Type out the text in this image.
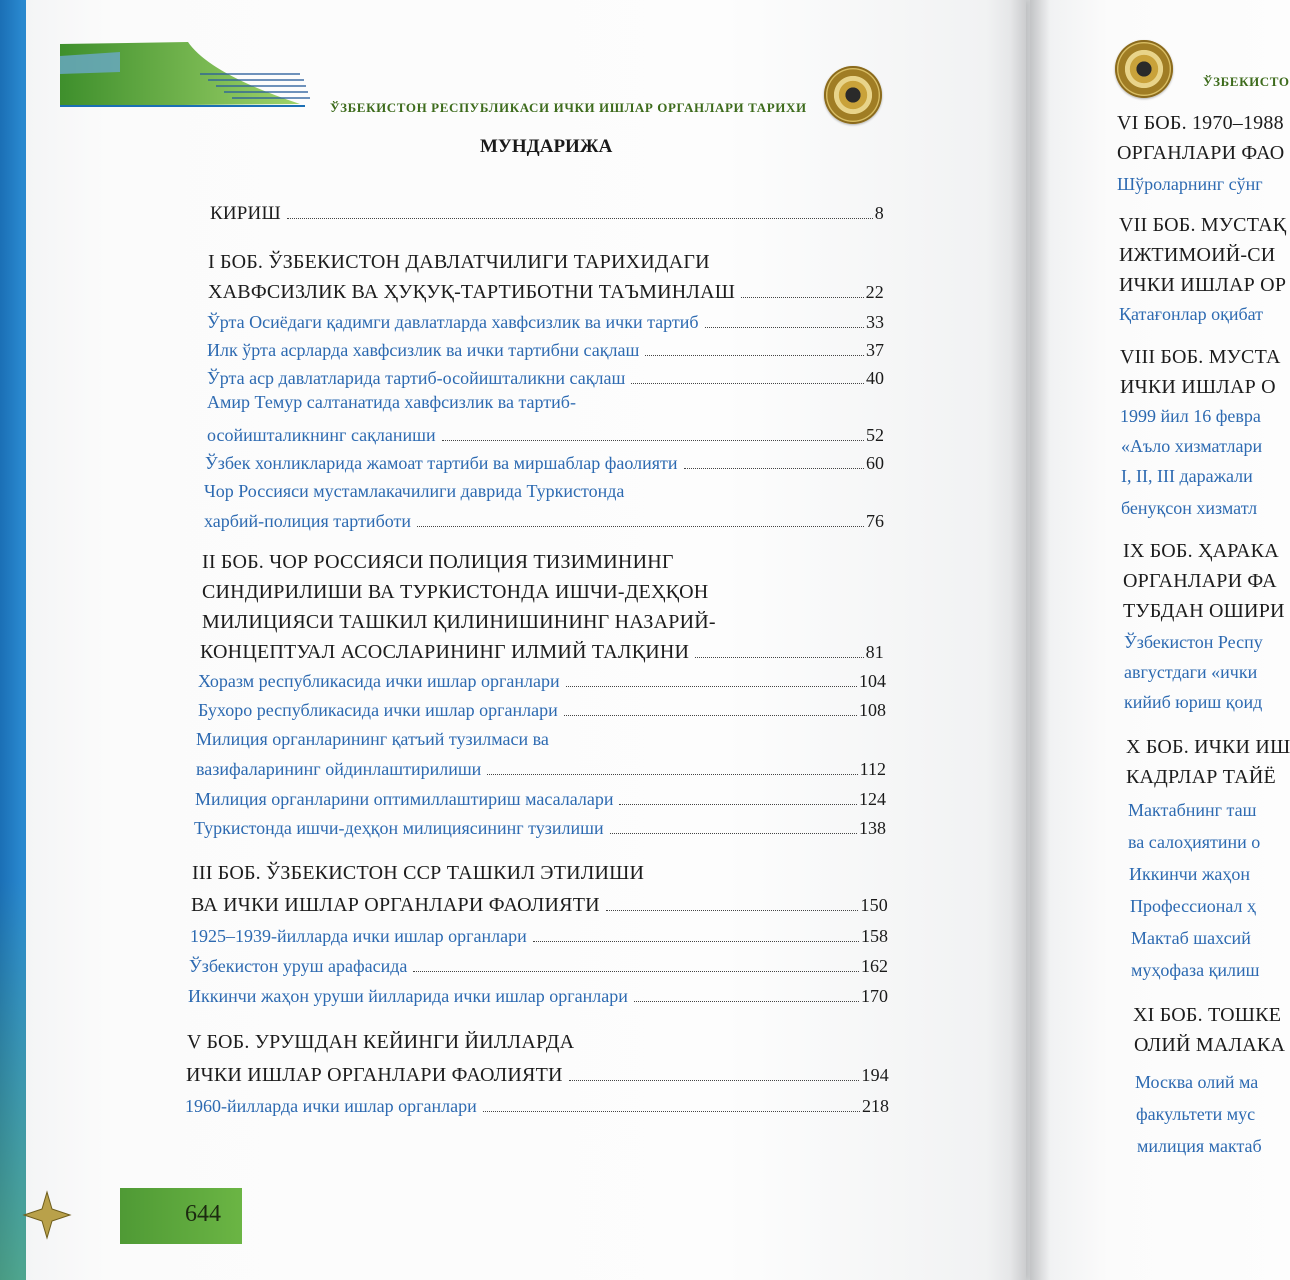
ЎЗБЕКИСТОН РЕСПУБЛИКАСИ ИЧКИ ИШЛАР ОРГАНЛАРИ ТАРИХИ
ЎЗБЕКИСТО
МУНДАРИЖА
КИРИШ	8
I БОБ. ЎЗБЕКИСТОН ДАВЛАТЧИЛИГИ ТАРИХИДАГИ
ХАВФСИЗЛИК ВА ҲУҚУҚ-ТАРТИБОТНИ ТАЪМИНЛАШ	22
Ўрта Осиёдаги қадимги давлатларда хавфсизлик ва ички тартиб	33
Илк ўрта асрларда хавфсизлик ва ички тартибни сақлаш	37
Ўрта аср давлатларида тартиб-осойишталикни сақлаш	40
Амир Темур салтанатида хавфсизлик ва тартиб-
осойишталикнинг сақланиши	52
Ўзбек хонликларида жамоат тартиби ва миршаблар фаолияти	60
Чор Россияси мустамлакачилиги даврида Туркистонда
харбий-полиция тартиботи	76
II БОБ. ЧОР РОССИЯСИ ПОЛИЦИЯ ТИЗИМИНИНГ
СИНДИРИЛИШИ ВА ТУРКИСТОНДА ИШЧИ-ДЕҲҚОН
МИЛИЦИЯСИ ТАШКИЛ ҚИЛИНИШИНИНГ НАЗАРИЙ-
КОНЦЕПТУАЛ АСОСЛАРИНИНГ ИЛМИЙ ТАЛҚИНИ	81
Хоразм республикасида ички ишлар органлари	104
Бухоро республикасида ички ишлар органлари	108
Милиция органларининг қатъий тузилмаси ва
вазифаларининг ойдинлаштирилиши	112
Милиция органларини оптимиллаштириш масалалари	124
Туркистонда ишчи-деҳқон милициясининг тузилиши	138
III БОБ. ЎЗБЕКИСТОН ССР ТАШКИЛ ЭТИЛИШИ
ВА ИЧКИ ИШЛАР ОРГАНЛАРИ ФАОЛИЯТИ	150
1925–1939-йилларда ички ишлар органлари	158
Ўзбекистон уруш арафасида	162
Иккинчи жаҳон уруши йилларида ички ишлар органлари	170
V БОБ. УРУШДАН КЕЙИНГИ ЙИЛЛАРДА
ИЧКИ ИШЛАР ОРГАНЛАРИ ФАОЛИЯТИ	194
1960-йилларда ички ишлар органлари	218
644
VI БОБ. 1970–1988
ОРГАНЛАРИ ФАО
Шўроларнинг сўнг
VII БОБ. МУСТАҚ
ИЖТИМОИЙ-СИ
ИЧКИ ИШЛАР ОР
Қатағонлар оқибат
VIII БОБ. МУСТА
ИЧКИ ИШЛАР О
1999 йил 16 февра
«Аъло хизматлари
I, II, III даражали
бенуқсон хизматл
IX БОБ. ҲАРАКА
ОРГАНЛАРИ ФА
ТУБДАН ОШИРИ
Ўзбекистон Респу
августдаги «ички
кийиб юриш қоид
X БОБ. ИЧКИ ИШ
КАДРЛАР ТАЙЁ
Мактабнинг таш
ва салоҳиятини о
Иккинчи жаҳон
Профессионал ҳ
Мактаб шахсий
муҳофаза қилиш
XI БОБ. ТОШКЕ
ОЛИЙ МАЛАКА
Москва олий ма
факультети мус
милиция мактаб
